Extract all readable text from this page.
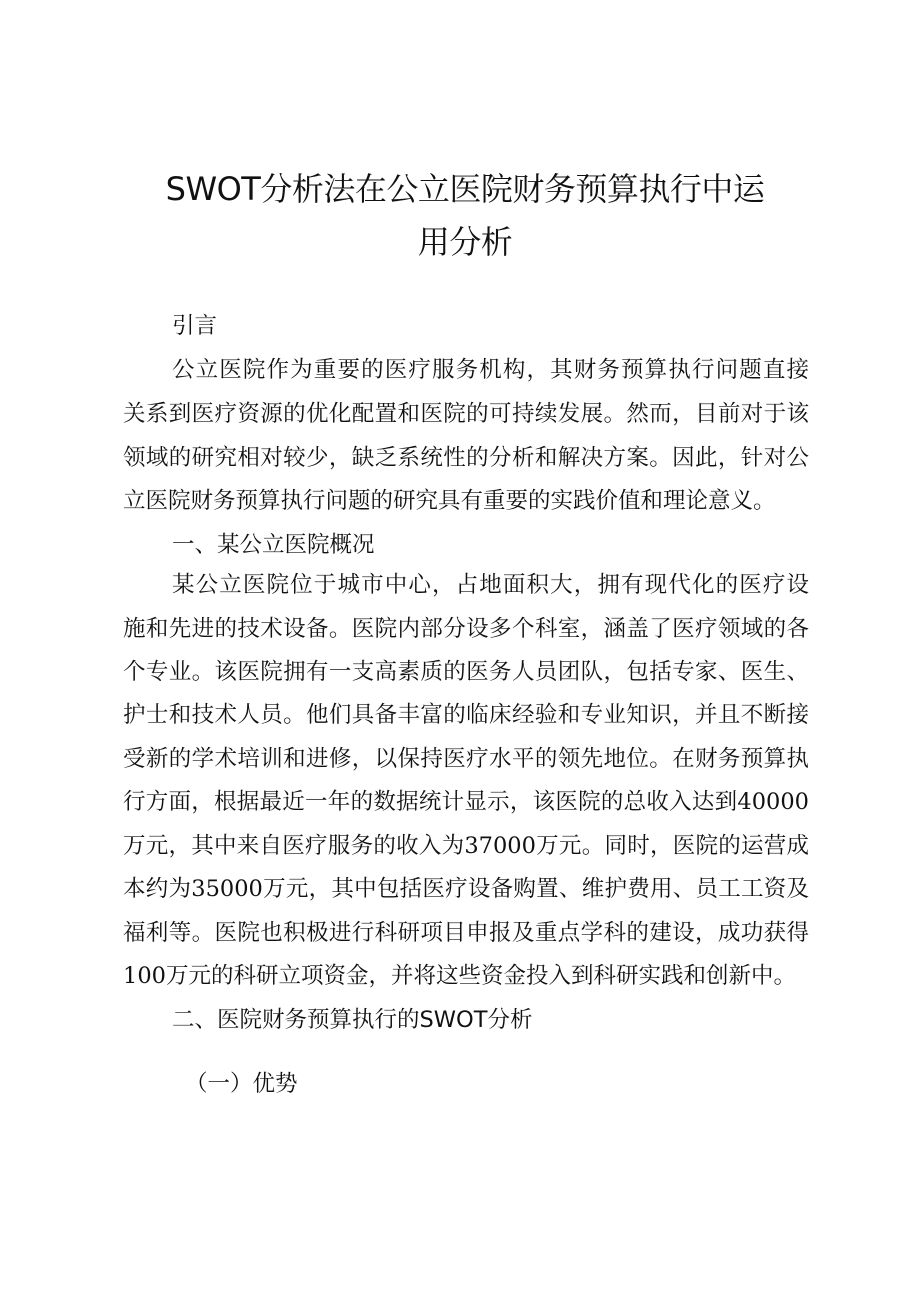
SWOT分析法在公立医院财务预算执行中运
用分析

引言

公立医院作为重要的医疗服务机构，其财务预算执行问题直接

关系到医疗资源的优化配置和医院的可持续发展。然而，目前对于该

领域的研究相对较少，缺乏系统性的分析和解决方案。因此，针对公

立医院财务预算执行问题的研究具有重要的实践价值和理论意义。

一、某公立医院概况

某公立医院位于城市中心，占地面积大，拥有现代化的医疗设

施和先进的技术设备。医院内部分设多个科室，涵盖了医疗领域的各

个专业。该医院拥有一支高素质的医务人员团队，包括专家、医生、

护士和技术人员。他们具备丰富的临床经验和专业知识，并且不断接

受新的学术培训和进修，以保持医疗水平的领先地位。在财务预算执

行方面，根据最近一年的数据统计显示，该医院的总收入达到40000

万元，其中来自医疗服务的收入为37000万元。同时，医院的运营成

本约为35000万元，其中包括医疗设备购置、维护费用、员工工资及

福利等。医院也积极进行科研项目申报及重点学科的建设，成功获得

100万元的科研立项资金，并将这些资金投入到科研实践和创新中。

二、医院财务预算执行的SWOT分析

（一）优势
